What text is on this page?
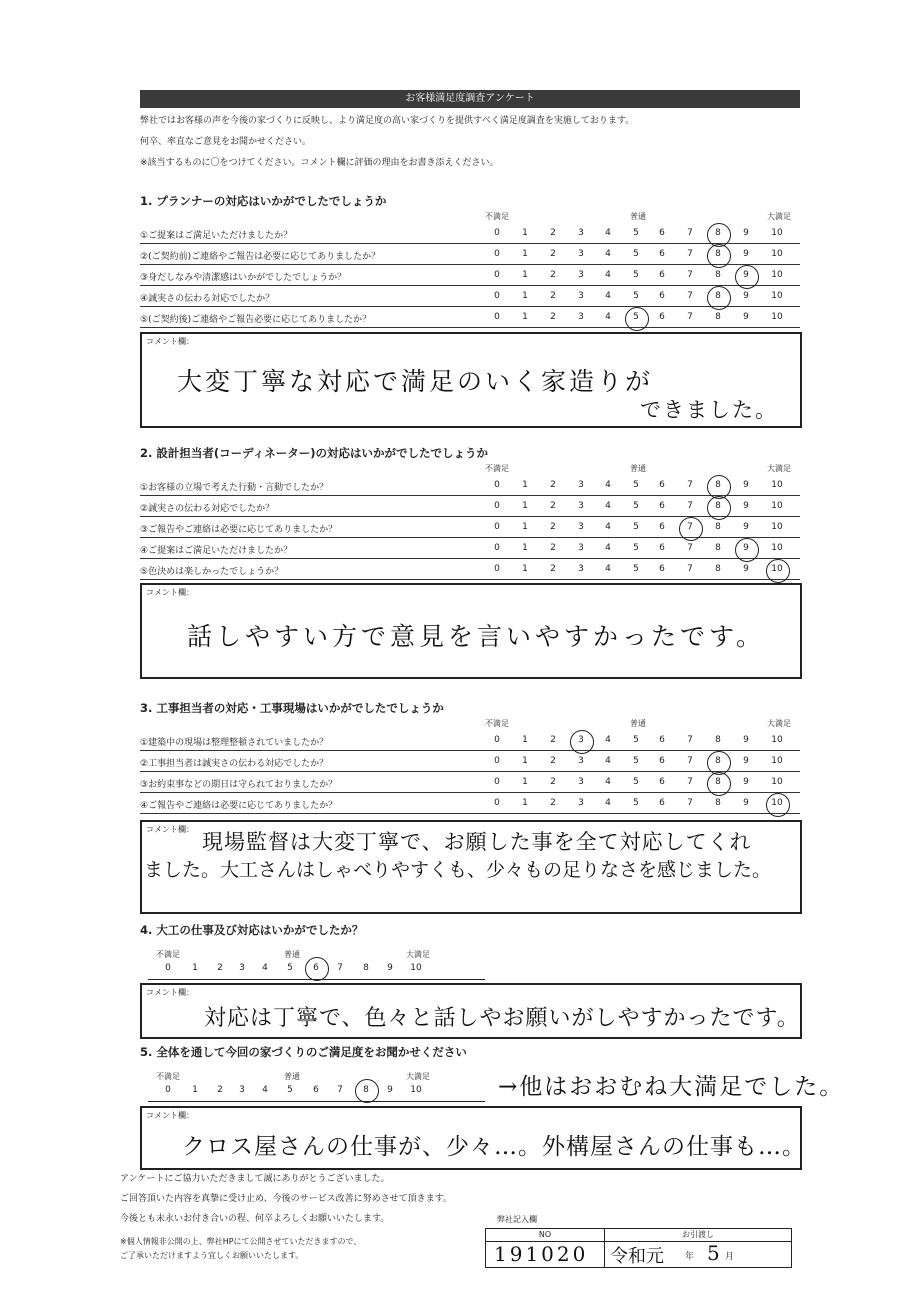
お客様満足度調査アンケート
弊社ではお客様の声を今後の家づくりに反映し、より満足度の高い家づくりを提供すべく満足度調査を実施しております。
何卒、率直なご意見をお聞かせください。
※該当するものに〇をつけてください。コメント欄に評価の理由をお書き添えください。
1. プランナーの対応はいかがでしたでしょうか
不満足	普通	大満足
①ご提案はご満足いただけましたか？	0	1	2	3	4	5	6	7	8	9	10
②(ご契約前)ご連絡やご報告は必要に応じてありましたか？	0	1	2	3	4	5	6	7	8	9	10
③身だしなみや清潔感はいかがでしたでしょうか？	0	1	2	3	4	5	6	7	8	9	10
④誠実さの伝わる対応でしたか？	0	1	2	3	4	5	6	7	8	9	10
⑤(ご契約後)ご連絡やご報告必要に応じてありましたか？	0	1	2	3	4	5	6	7	8	9	10
コメント欄：
大変丁寧な対応で満足のいく家造りが
できました。
2. 設計担当者(コーディネーター)の対応はいかがでしたでしょうか
不満足	普通	大満足
①お客様の立場で考えた行動・言動でしたか？	0	1	2	3	4	5	6	7	8	9	10
②誠実さの伝わる対応でしたか？	0	1	2	3	4	5	6	7	8	9	10
③ご報告やご連絡は必要に応じてありましたか？	0	1	2	3	4	5	6	7	8	9	10
④ご提案はご満足いただけましたか？	0	1	2	3	4	5	6	7	8	9	10
⑤色決めは楽しかったでしょうか？	0	1	2	3	4	5	6	7	8	9	10
コメント欄：
話しやすい方で意見を言いやすかったです。
3. 工事担当者の対応・工事現場はいかがでしたでしょうか
不満足	普通	大満足
①建築中の現場は整理整頓されていましたか？	0	1	2	3	4	5	6	7	8	9	10
②工事担当者は誠実さの伝わる対応でしたか？	0	1	2	3	4	5	6	7	8	9	10
③お約束事などの期日は守られておりましたか？	0	1	2	3	4	5	6	7	8	9	10
④ご報告やご連絡は必要に応じてありましたか？	0	1	2	3	4	5	6	7	8	9	10
コメント欄：
現場監督は大変丁寧で、お願した事を全て対応してくれ
ました。大工さんはしゃべりやすくも、少々もの足りなさを感じました。
4. 大工の仕事及び対応はいかがでしたか？
不満足	普通	大満足
0	1	2	3	4	5	6	7	8	9	10
コメント欄：
対応は丁寧で、色々と話しやお願いがしやすかったです。
5. 全体を通して今回の家づくりのご満足度をお聞かせください
不満足	普通	大満足
0	1	2	3	4	5	6	7	8	9	10	→他はおおむね大満足でした。
コメント欄：
クロス屋さんの仕事が、少々…。外構屋さんの仕事も…。
アンケートにご協力いただきまして誠にありがとうございました。
ご回答頂いた内容を真摯に受け止め、今後のサービス改善に努めさせて頂きます。
今後とも末永いお付き合いの程、何卒よろしくお願いいたします。
※個人情報非公開の上、弊社HPにて公開させていただきますので、
ご了承いただけますよう宜しくお願いいたします。
弊社記入欄
NO
191020
お引渡し
令和元 年 5 月
